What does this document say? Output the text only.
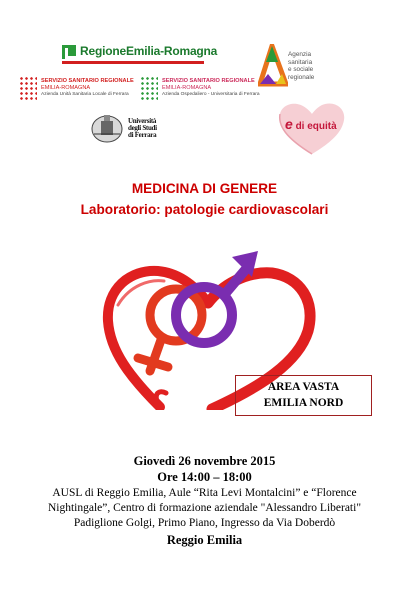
RegioneEmilia-Romagna
SERVIZIO SANITARIO REGIONALE
EMILIA-ROMAGNA
Azienda Unità Sanitaria Locale di Ferrara
SERVIZIO SANITARIO REGIONALE
EMILIA-ROMAGNA
Azienda Ospedaliero - Universitaria di Ferrara
Agenzia
sanitaria
e sociale
regionale
Università
degli Studi
di Ferrara
e di equità
MEDICINA DI GENERE
Laboratorio: patologie cardiovascolari
AREA VASTA
EMILIA NORD
Giovedì 26 novembre 2015
Ore 14:00 – 18:00
AUSL di Reggio Emilia, Aule “Rita Levi Montalcini” e “Florence
Nightingale”, Centro di formazione aziendale "Alessandro Liberati"
Padiglione Golgi, Primo Piano, Ingresso da Via Doberdò
Reggio Emilia
